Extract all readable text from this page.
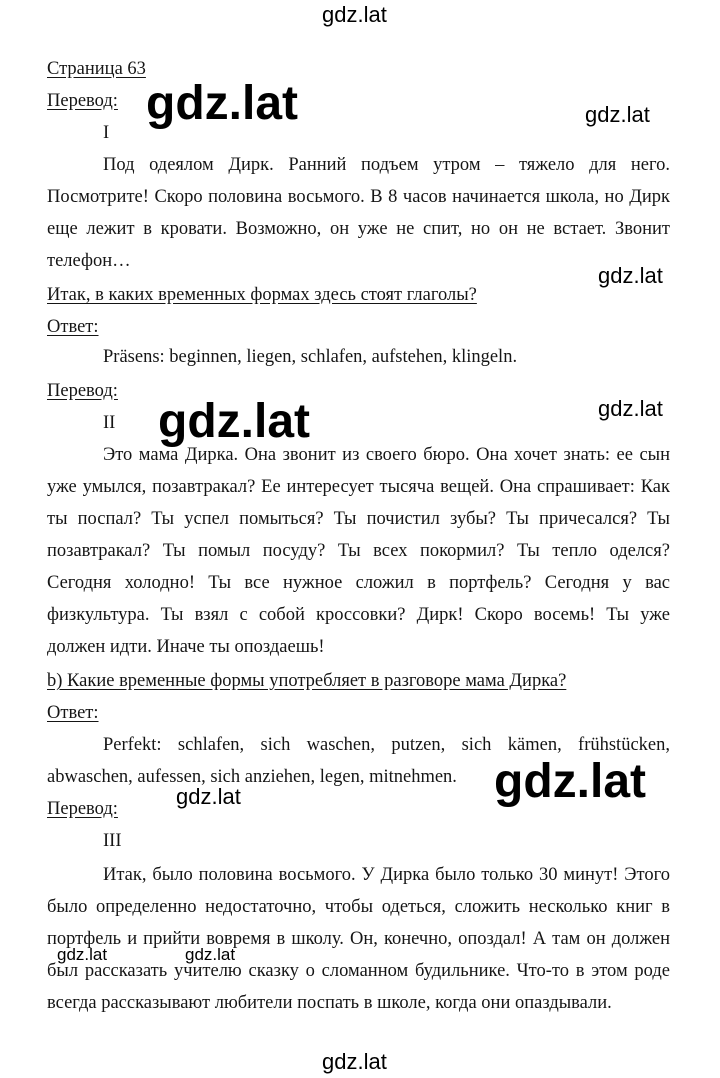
gdz.lat
gdz.lat	gdz.lat
gdz.lat
gdz.lat	gdz.lat
gdz.lat
gdz.lat
gdz.lat	gdz.lat
gdz.lat
Страница 63
Перевод:
I
Под одеялом Дирк. Ранний подъем утром – тяжело для него.
Посмотрите! Скоро половина восьмого. В 8 часов начинается школа, но Дирк
еще лежит в кровати. Возможно, он уже не спит, но он не встает. Звонит
телефон…
Итак, в каких временных формах здесь стоят глаголы?
Ответ:
Präsens: beginnen, liegen, schlafen, aufstehen, klingeln.
Перевод:
II
Это мама Дирка. Она звонит из своего бюро. Она хочет знать: ее сын
уже умылся, позавтракал? Ее интересует тысяча вещей. Она спрашивает: Как
ты поспал? Ты успел помыться? Ты почистил зубы? Ты причесался? Ты
позавтракал? Ты помыл посуду? Ты всех покормил? Ты тепло оделся?
Сегодня холодно! Ты все нужное сложил в портфель? Сегодня у вас
физкультура. Ты взял с собой кроссовки? Дирк! Скоро восемь! Ты уже
должен идти. Иначе ты опоздаешь!
b) Какие временные формы употребляет в разговоре мама Дирка?
Ответ:
Perfekt: schlafen, sich waschen, putzen, sich kämen, frühstücken,
abwaschen, aufessen, sich anziehen, legen, mitnehmen.
Перевод:
III
Итак, было половина восьмого. У Дирка было только 30 минут! Этого
было определенно недостаточно, чтобы одеться, сложить несколько книг в
портфель и прийти вовремя в школу. Он, конечно, опоздал! А там он должен
был рассказать учителю сказку о сломанном будильнике. Что-то в этом роде
всегда рассказывают любители поспать в школе, когда они опаздывали.
